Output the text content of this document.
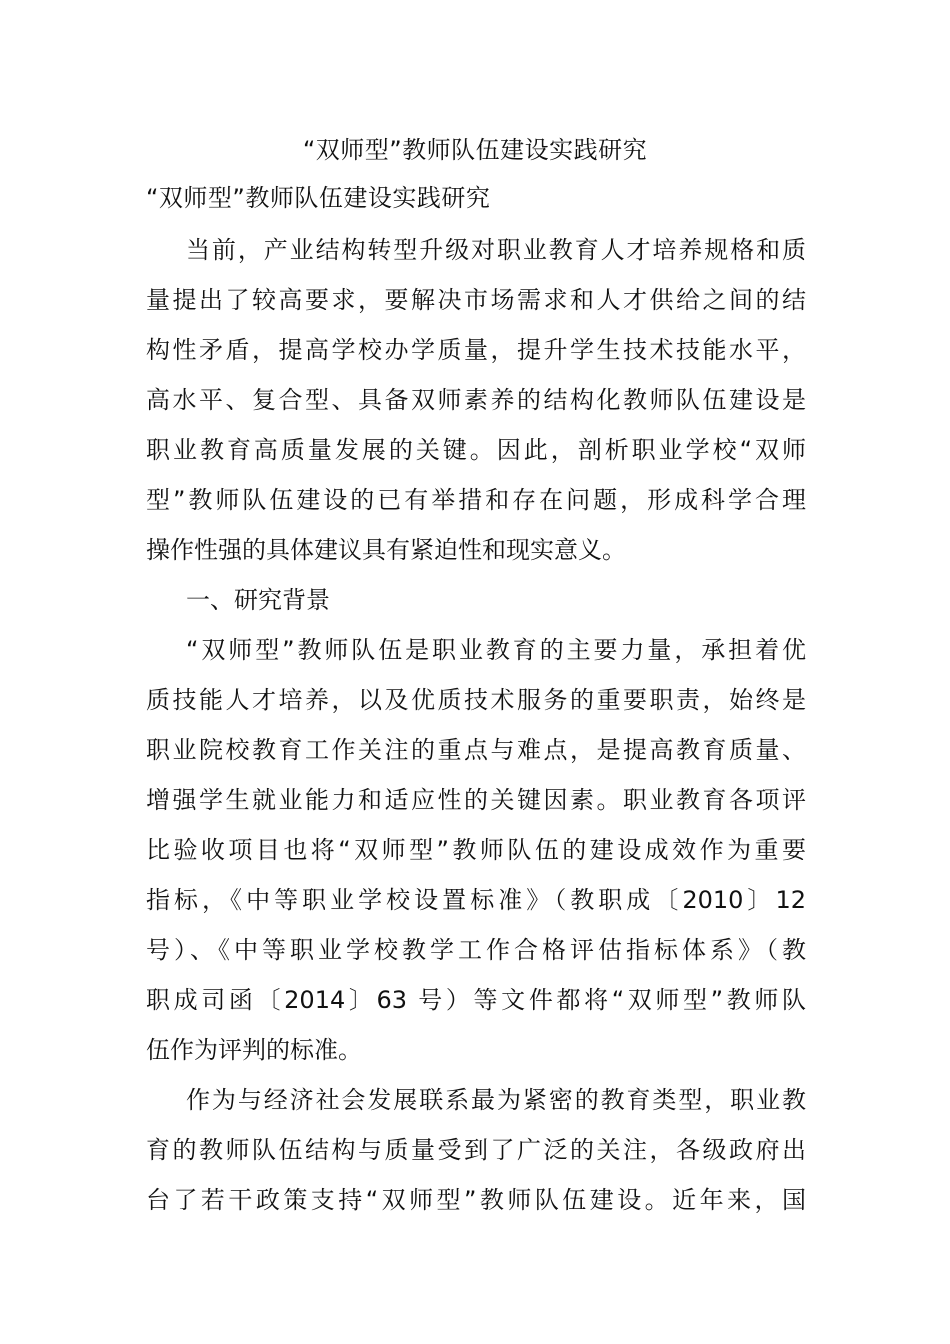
“双师型”教师队伍建设实践研究
“双师型”教师队伍建设实践研究
当前，产业结构转型升级对职业教育人才培养规格和质
量提出了较高要求，要解决市场需求和人才供给之间的结
构性矛盾，提高学校办学质量，提升学生技术技能水平，
高水平、复合型、具备双师素养的结构化教师队伍建设是
职业教育高质量发展的关键。因此，剖析职业学校“双师
型”教师队伍建设的已有举措和存在问题，形成科学合理
操作性强的具体建议具有紧迫性和现实意义。
一、研究背景
“双师型”教师队伍是职业教育的主要力量，承担着优
质技能人才培养，以及优质技术服务的重要职责，始终是
职业院校教育工作关注的重点与难点，是提高教育质量、
增强学生就业能力和适应性的关键因素。职业教育各项评
比验收项目也将“双师型”教师队伍的建设成效作为重要
指标，《中等职业学校设置标准》（教职成〔2010〕12
号）、《中等职业学校教学工作合格评估指标体系》（教
职成司函〔2014〕63 号）等文件都将“双师型”教师队
伍作为评判的标准。
作为与经济社会发展联系最为紧密的教育类型，职业教
育的教师队伍结构与质量受到了广泛的关注，各级政府出
台了若干政策支持“双师型”教师队伍建设。近年来，国
